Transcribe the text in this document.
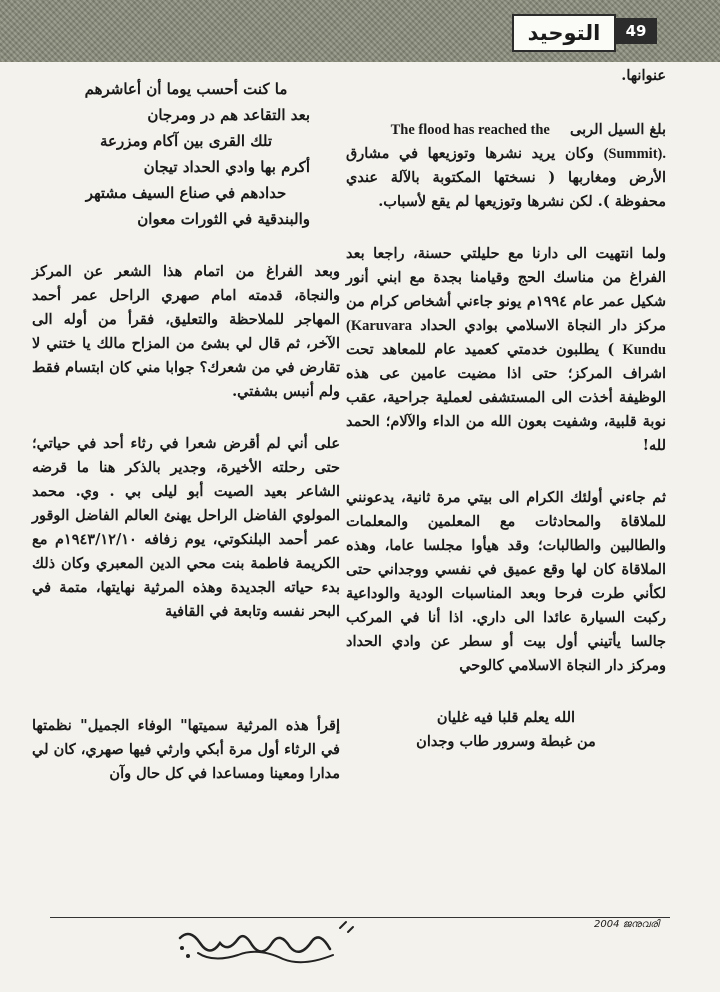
49
التوحيد

عنوانها.

بلغ السيل الربى    The flood has reached the
(Summit). وكان يريد نشرها وتوزيعها في مشارق الأرض ومغاربها ( نسختها المكتوبة بالآلة عندي محفوظة ). لكن نشرها وتوزيعها لم يقع لأسباب.

ولما انتهيت الى دارنا مع حليلتي حسنة، راجعا بعد الفراغ من مناسك الحج وقيامنا بجدة مع ابني أنور شكيل عمر عام ١٩٩٤م يونو جاءني أشخاص كرام من مركز دار النجاة الاسلامي بوادي الحداد (Karuvara Kundu ) يطلبون خدمتي كعميد عام للمعاهد تحت اشراف المركز؛ حتى اذا مضيت عامين عى هذه الوظيفة أخذت الى المستشفى لعملية جراحية، عقب نوبة قلبية، وشفيت بعون الله من الداء والآلام؛ الحمد لله!

ثم جاءني أولئك الكرام الى بيتي مرة ثانية، يدعونني للملاقاة والمحادثات مع المعلمين والمعلمات والطالبين والطالبات؛ وقد هيأوا مجلسا عاما، وهذه الملاقاة كان لها وقع عميق في نفسي ووجداني حتى لكأني طرت فرحا وبعد المناسبات الودية والوداعية ركبت السيارة عائدا الى داري. اذا أنا في المركب جالسا يأتيني أول بيت أو سطر عن وادي الحداد ومركز دار النجاة الاسلامي كالوحي

الله يعلم قلبا فيه غليان

من غبطة وسرور طاب وجدان

ما كنت أحسب يوما أن أعاشرهم

بعد التقاعد هم در ومرجان

تلك القرى بين آكام ومزرعة

أكرم بها وادي الحداد تيجان

حدادهم في صناع السيف مشتهر

والبندقية في الثورات معوان

وبعد الفراغ من اتمام هذا الشعر عن المركز والنجاة، قدمته امام صهري الراحل عمر أحمد المهاجر للملاحظة والتعليق، فقرأ من أوله الى الآخر، ثم قال لي بشئ من المزاح مالك يا ختني لا تقارض في من شعرك؟ جوابا مني كان ابتسام فقط ولم أنبس بشفتي.

على أني لم أقرض شعرا في رثاء أحد في حياتي؛ حتى رحلته الأخيرة، وجدير بالذكر هنا ما قرضه الشاعر بعيد الصيت أبو ليلى بي . وي. محمد المولوي الفاضل الراحل يهنئ العالم الفاضل الوقور عمر أحمد البلنكوتي، يوم زفافه ١٩٤٣/١٢/١٠م مع الكريمة فاطمة بنت محي الدين المعبري وكان ذلك بدء حياته الجديدة وهذه المرثية نهايتها، متمة في البحر نفسه وتابعة في القافية

إقرأ هذه المرثية سميتها" الوفاء الجميل" نظمتها في الرثاء أول مرة أبكي وارثي فيها صهري، كان لي مدارا ومعينا ومساعدا في كل حال وآن

2004 ജനുവരി
